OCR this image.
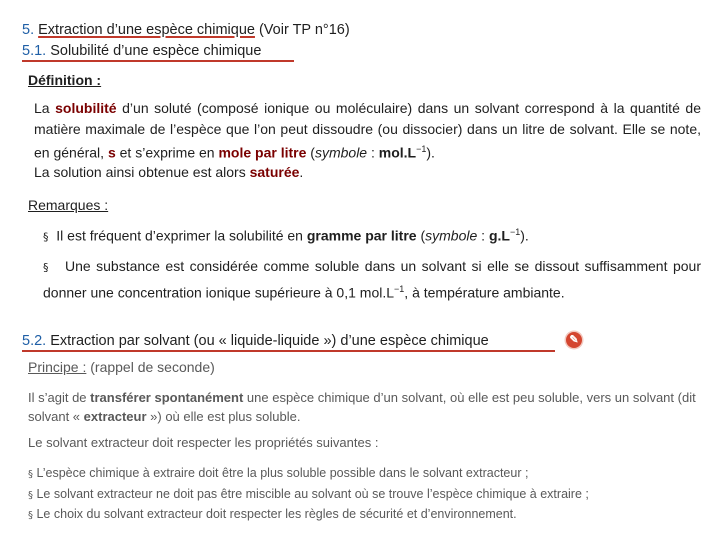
5. Extraction d’une espèce chimique (Voir TP n°16)
5.1. Solubilité d’une espèce chimique
Définition :
La solubilité d’un soluté (composé ionique ou moléculaire) dans un solvant correspond à la quantité de matière maximale de l’espèce que l’on peut dissoudre (ou dissocier) dans un litre de solvant. Elle se note, en général, s et s’exprime en mole par litre (symbole : $mol.L^{-1}$).
La solution ainsi obtenue est alors saturée.
Remarques :
§ Il est fréquent d’exprimer la solubilité en gramme par litre (symbole : $g.L^{-1}$).
§ Une substance est considérée comme soluble dans un solvant si elle se dissout suffisamment pour donner une concentration ionique supérieure à 0,1 $mol.L^{-1}$, à température ambiante.
5.2. Extraction par solvant (ou « liquide-liquide ») d’une espèce chimique	✎
Principe : (rappel de seconde)
Il s’agit de transférer spontanément une espèce chimique d’un solvant, où elle est peu soluble, vers un solvant (dit solvant « extracteur ») où elle est plus soluble.
Le solvant extracteur doit respecter les propriétés suivantes :
§ L’espèce chimique à extraire doit être la plus soluble possible dans le solvant extracteur ;
§ Le solvant extracteur ne doit pas être miscible au solvant où se trouve l’espèce chimique à extraire ;
§ Le choix du solvant extracteur doit respecter les règles de sécurité et d’environnement.
